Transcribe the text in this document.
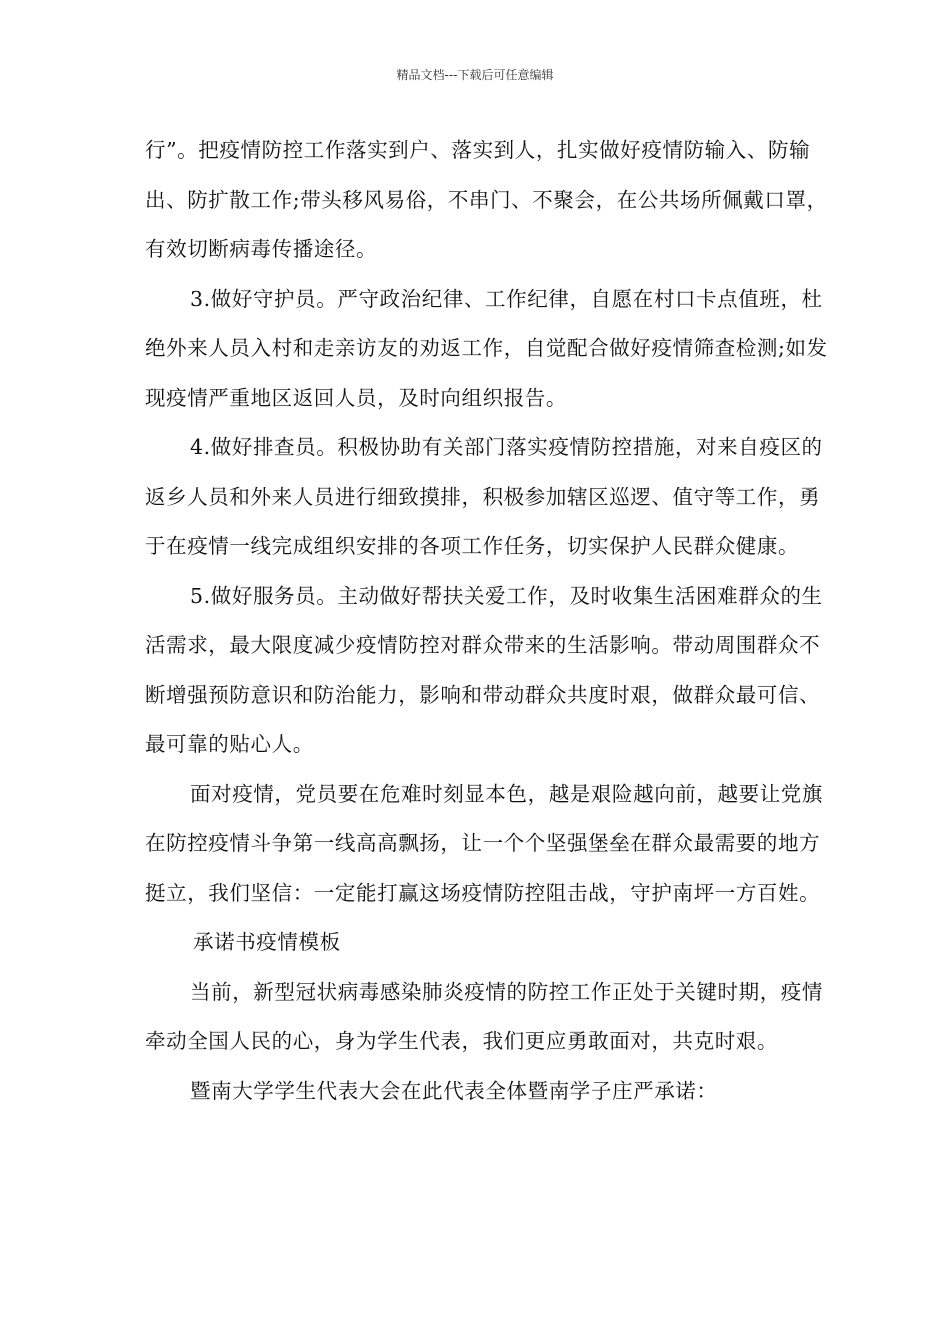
精品文档---下载后可任意编辑

行”。把疫情防控工作落实到户、落实到人，扎实做好疫情防输入、防输出、防扩散工作;带头移风易俗，不串门、不聚会，在公共场所佩戴口罩，有效切断病毒传播途径。

3.做好守护员。严守政治纪律、工作纪律，自愿在村口卡点值班，杜绝外来人员入村和走亲访友的劝返工作，自觉配合做好疫情筛查检测;如发现疫情严重地区返回人员，及时向组织报告。

4.做好排查员。积极协助有关部门落实疫情防控措施，对来自疫区的返乡人员和外来人员进行细致摸排，积极参加辖区巡逻、值守等工作，勇于在疫情一线完成组织安排的各项工作任务，切实保护人民群众健康。

5.做好服务员。主动做好帮扶关爱工作，及时收集生活困难群众的生活需求，最大限度减少疫情防控对群众带来的生活影响。带动周围群众不断增强预防意识和防治能力，影响和带动群众共度时艰，做群众最可信、最可靠的贴心人。

面对疫情，党员要在危难时刻显本色，越是艰险越向前，越要让党旗在防控疫情斗争第一线高高飘扬，让一个个坚强堡垒在群众最需要的地方挺立，我们坚信：一定能打赢这场疫情防控阻击战，守护南坪一方百姓。承诺书疫情模板

当前，新型冠状病毒感染肺炎疫情的防控工作正处于关键时期，疫情牵动全国人民的心，身为学生代表，我们更应勇敢面对，共克时艰。

暨南大学学生代表大会在此代表全体暨南学子庄严承诺：
